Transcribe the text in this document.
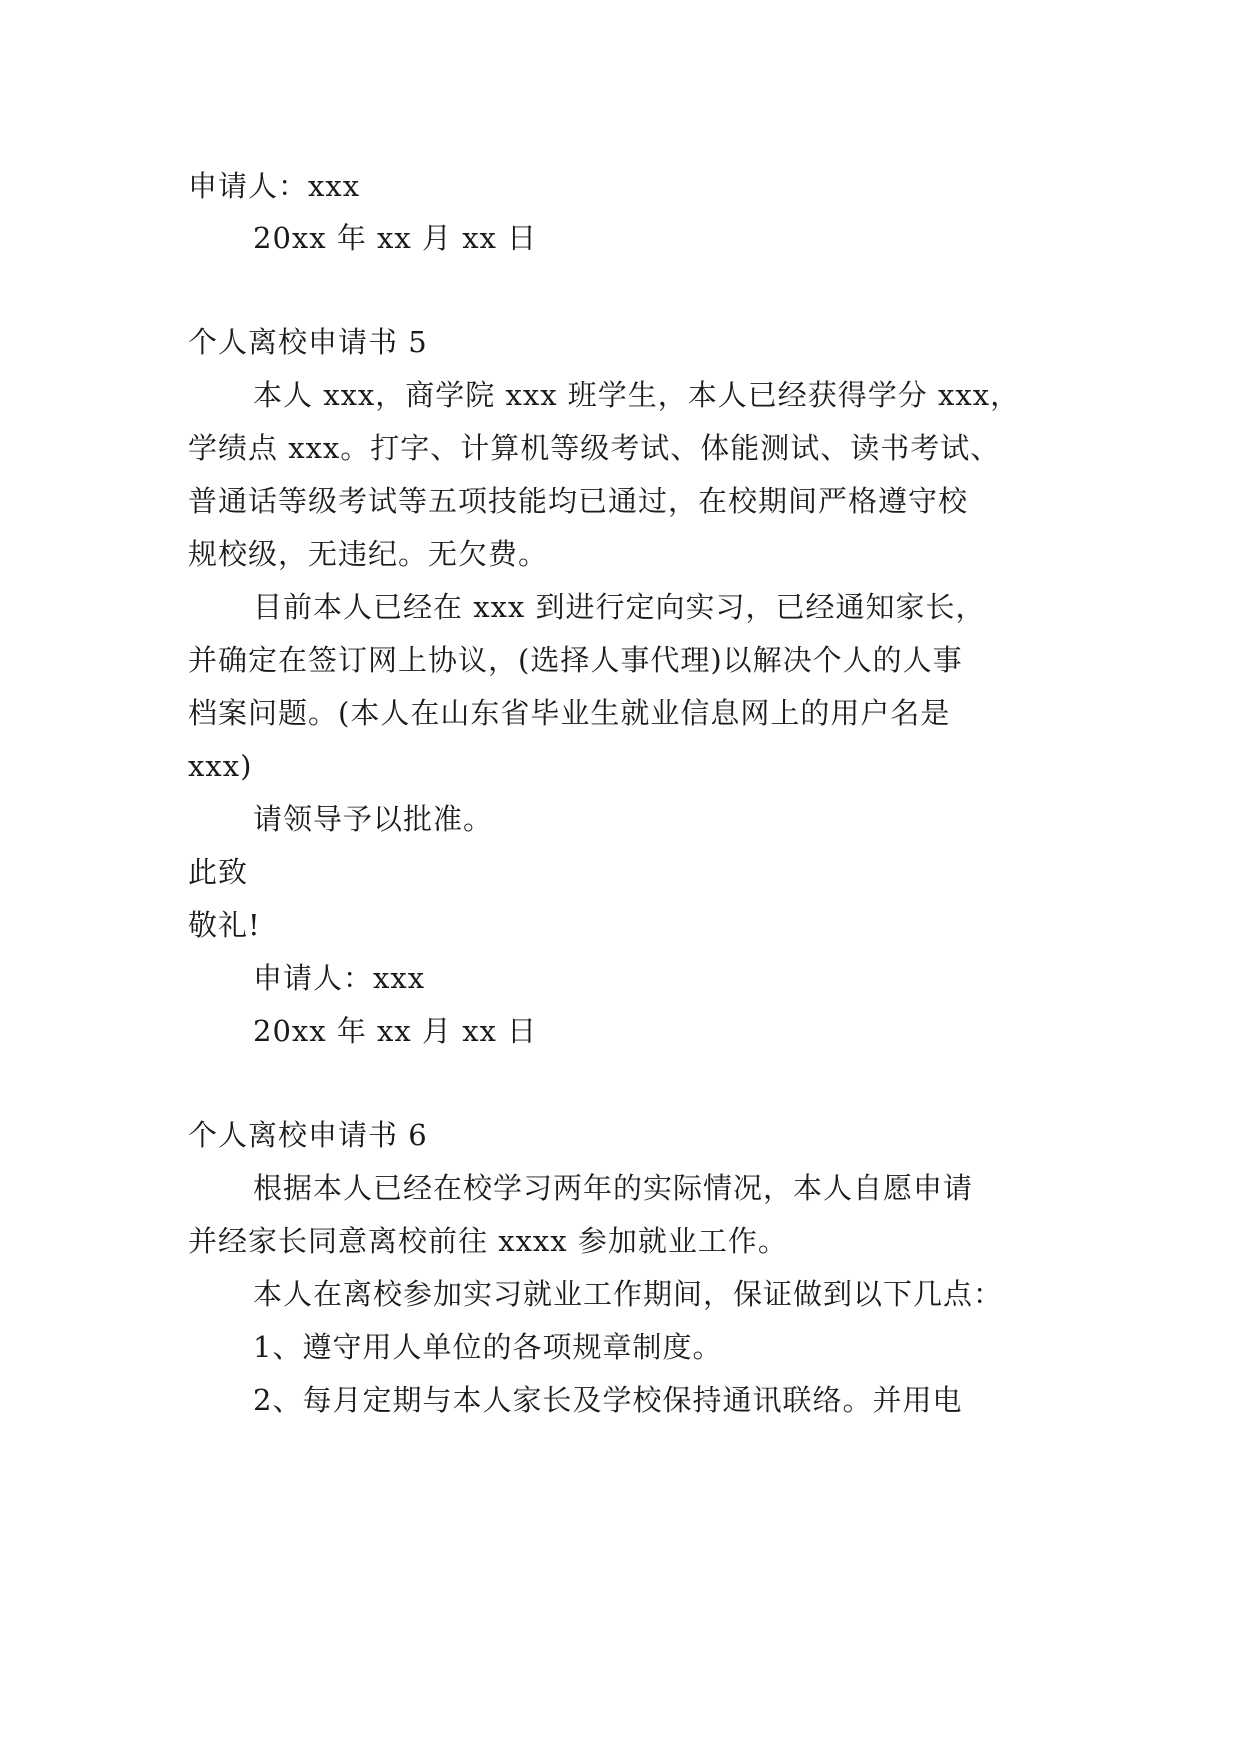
申请人：xxx

20xx 年 xx 月 xx 日

个人离校申请书 5

本人 xxx，商学院 xxx 班学生，本人已经获得学分 xxx，

学绩点 xxx。打字、计算机等级考试、体能测试、读书考试、

普通话等级考试等五项技能均已通过，在校期间严格遵守校

规校级，无违纪。无欠费。

目前本人已经在 xxx 到进行定向实习，已经通知家长，

并确定在签订网上协议，(选择人事代理)以解决个人的人事

档案问题。(本人在山东省毕业生就业信息网上的用户名是

xxx)

请领导予以批准。

此致

敬礼!

申请人：xxx

20xx 年 xx 月 xx 日

个人离校申请书 6

根据本人已经在校学习两年的实际情况，本人自愿申请

并经家长同意离校前往 xxxx 参加就业工作。

本人在离校参加实习就业工作期间，保证做到以下几点：

1、遵守用人单位的各项规章制度。

2、每月定期与本人家长及学校保持通讯联络。并用电
